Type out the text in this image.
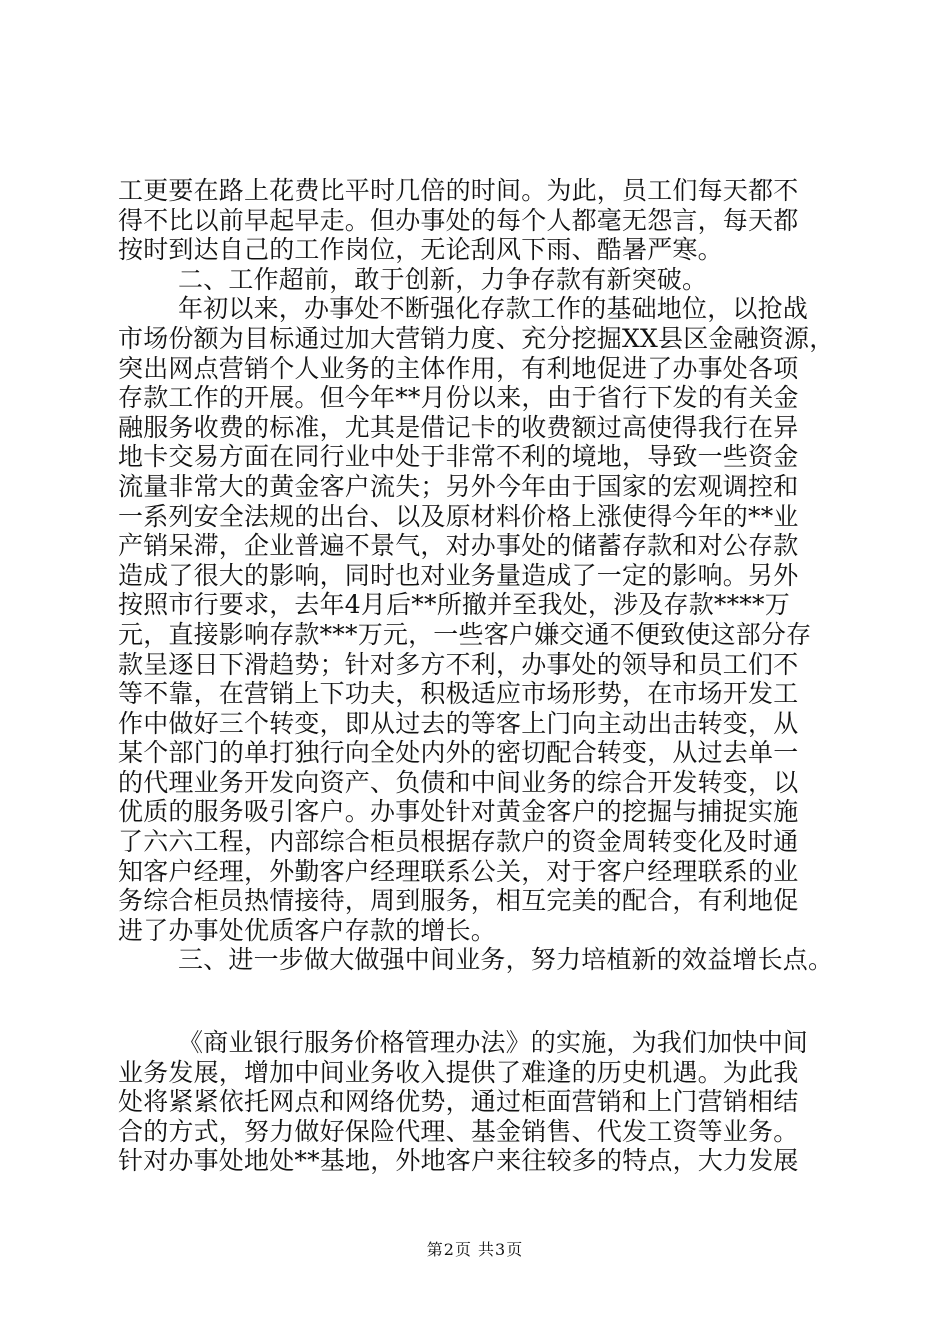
工更要在路上花费比平时几倍的时间。为此，员工们每天都不
得不比以前早起早走。但办事处的每个人都毫无怨言，每天都
按时到达自己的工作岗位，无论刮风下雨、酷暑严寒。
二、工作超前，敢于创新，力争存款有新突破。
年初以来，办事处不断强化存款工作的基础地位，以抢战
市场份额为目标通过加大营销力度、充分挖掘XX县区金融资源，
突出网点营销个人业务的主体作用，有利地促进了办事处各项
存款工作的开展。但今年**月份以来，由于省行下发的有关金
融服务收费的标准，尤其是借记卡的收费额过高使得我行在异
地卡交易方面在同行业中处于非常不利的境地，导致一些资金
流量非常大的黄金客户流失；另外今年由于国家的宏观调控和
一系列安全法规的出台、以及原材料价格上涨使得今年的**业
产销呆滞，企业普遍不景气，对办事处的储蓄存款和对公存款
造成了很大的影响，同时也对业务量造成了一定的影响。另外
按照市行要求，去年4月后**所撤并至我处，涉及存款****万
元，直接影响存款***万元，一些客户嫌交通不便致使这部分存
款呈逐日下滑趋势；针对多方不利，办事处的领导和员工们不
等不靠，在营销上下功夫，积极适应市场形势，在市场开发工
作中做好三个转变，即从过去的等客上门向主动出击转变，从
某个部门的单打独行向全处内外的密切配合转变，从过去单一
的代理业务开发向资产、负债和中间业务的综合开发转变，以
优质的服务吸引客户。办事处针对黄金客户的挖掘与捕捉实施
了六六工程，内部综合柜员根据存款户的资金周转变化及时通
知客户经理，外勤客户经理联系公关，对于客户经理联系的业
务综合柜员热情接待，周到服务，相互完美的配合，有利地促
进了办事处优质客户存款的增长。
三、进一步做大做强中间业务，努力培植新的效益增长点。
《商业银行服务价格管理办法》的实施，为我们加快中间
业务发展，增加中间业务收入提供了难逢的历史机遇。为此我
处将紧紧依托网点和网络优势，通过柜面营销和上门营销相结
合的方式，努力做好保险代理、基金销售、代发工资等业务。
针对办事处地处**基地，外地客户来往较多的特点，大力发展
第2页 共3页
